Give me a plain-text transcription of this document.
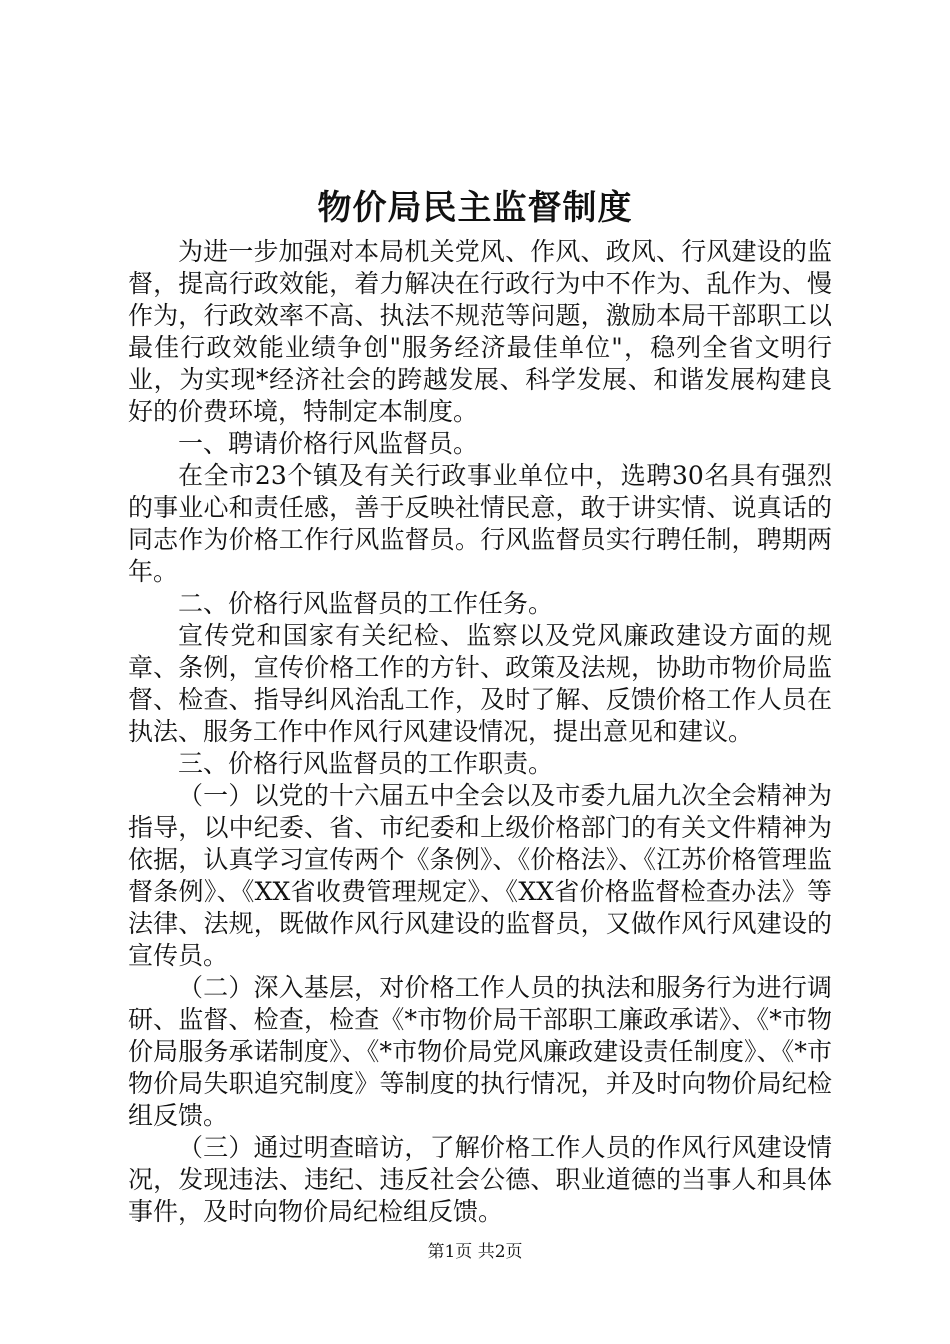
物价局民主监督制度

为进一步加强对本局机关党风、作风、政风、行风建设的监督，提高行政效能，着力解决在行政行为中不作为、乱作为、慢作为，行政效率不高、执法不规范等问题，激励本局干部职工以最佳行政效能业绩争创"服务经济最佳单位"，稳列全省文明行业，为实现*经济社会的跨越发展、科学发展、和谐发展构建良好的价费环境，特制定本制度。

一、聘请价格行风监督员。

在全市23个镇及有关行政事业单位中，选聘30名具有强烈的事业心和责任感，善于反映社情民意，敢于讲实情、说真话的同志作为价格工作行风监督员。行风监督员实行聘任制，聘期两年。

二、价格行风监督员的工作任务。

宣传党和国家有关纪检、监察以及党风廉政建设方面的规章、条例，宣传价格工作的方针、政策及法规，协助市物价局监督、检查、指导纠风治乱工作，及时了解、反馈价格工作人员在执法、服务工作中作风行风建设情况，提出意见和建议。

三、价格行风监督员的工作职责。

（一）以党的十六届五中全会以及市委九届九次全会精神为指导，以中纪委、省、市纪委和上级价格部门的有关文件精神为依据，认真学习宣传两个《条例》、《价格法》、《江苏价格管理监督条例》、《XX省收费管理规定》、《XX省价格监督检查办法》等法律、法规，既做作风行风建设的监督员，又做作风行风建设的宣传员。

（二）深入基层，对价格工作人员的执法和服务行为进行调研、监督、检查，检查《*市物价局干部职工廉政承诺》、《*市物价局服务承诺制度》、《*市物价局党风廉政建设责任制度》、《*市物价局失职追究制度》等制度的执行情况，并及时向物价局纪检组反馈。

（三）通过明查暗访，了解价格工作人员的作风行风建设情况，发现违法、违纪、违反社会公德、职业道德的当事人和具体事件，及时向物价局纪检组反馈。

第1页 共2页
